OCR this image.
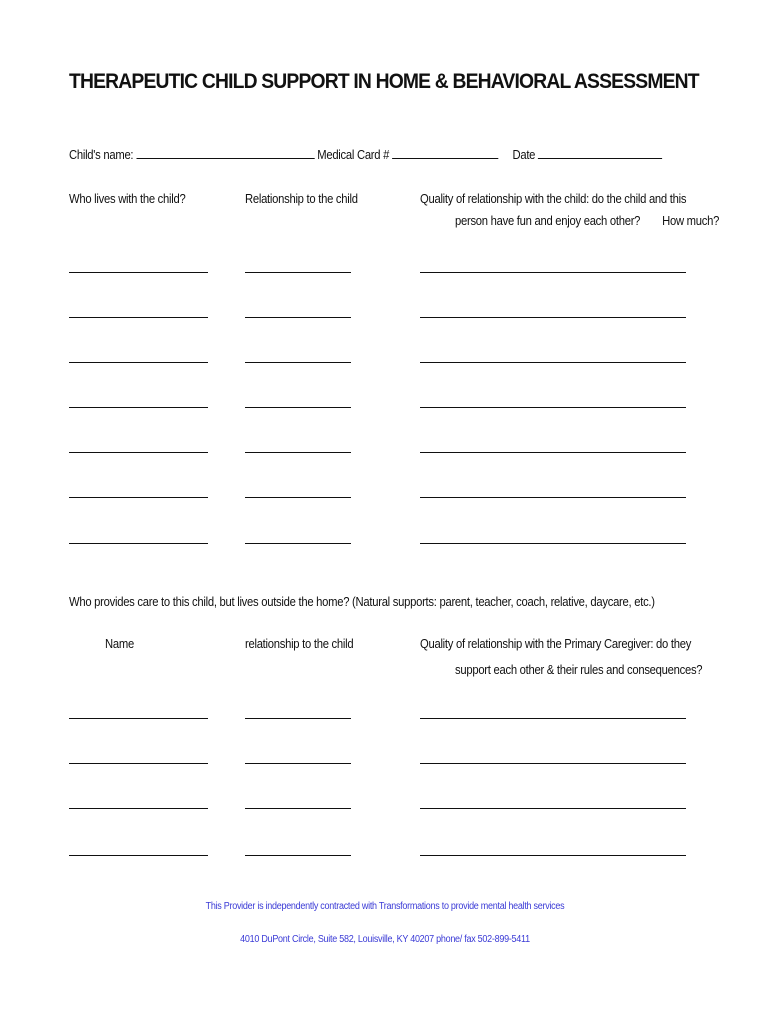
THERAPEUTIC CHILD SUPPORT IN HOME & BEHAVIORAL ASSESSMENT
Child's name:	Medical Card #	Date
Who lives with the child?	Relationship to the child	Quality of relationship with the child: do the child and this
person have fun and enjoy each other? How much?
Who provides care to this child, but lives outside the home? (Natural supports: parent, teacher, coach, relative, daycare, etc.)
Name	relationship to the child	Quality of relationship with the Primary Caregiver: do they
support each other & their rules and consequences?
This Provider is independently contracted with Transformations to provide mental health services
4010 DuPont Circle, Suite 582, Louisville, KY 40207 phone/ fax 502-899-5411
